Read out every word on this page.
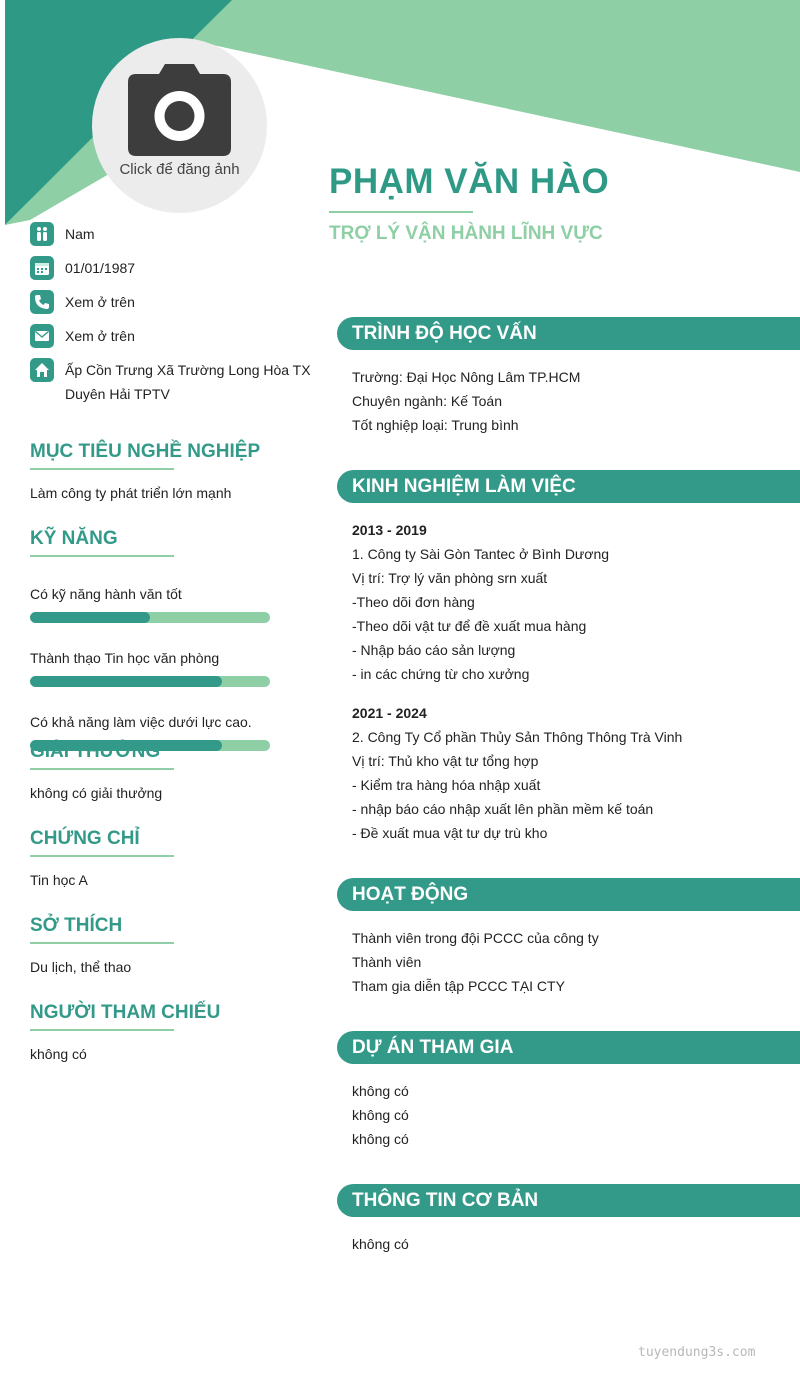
Click để đăng ảnh	PHẠM VĂN HÀO
TRỢ LÝ VẬN HÀNH LĨNH VỰC
Nam
01/01/1987
Xem ở trên
Xem ở trên
Ấp Cồn Trưng Xã Trường Long Hòa TX Duyên Hải TPTV
MỤC TIÊU NGHỀ NGHIỆP

Làm công ty phát triển lớn mạnh

KỸ NĂNG

Có kỹ năng hành văn tốt

Thành thạo Tin học văn phòng

Có khả năng làm việc dưới lực cao.

GIẢI THƯỞNG

không có giải thưởng

CHỨNG CHỈ

Tin học A

SỞ THÍCH

Du lịch, thể thao

NGƯỜI THAM CHIẾU

không có

TRÌNH ĐỘ HỌC VẤN
Trường: Đại Học Nông Lâm TP.HCM
Chuyên ngành: Kế Toán
Tốt nghiệp loại: Trung bình
KINH NGHIỆM LÀM VIỆC
2013 - 2019
1. Công ty Sài Gòn Tantec ở Bình Dương
Vị trí: Trợ lý văn phòng srn xuất
-Theo dõi đơn hàng
-Theo dõi vật tư để đề xuất mua hàng
- Nhập báo cáo sản lượng
- in các chứng từ cho xưởng
2021 - 2024
2. Công Ty Cổ phần Thủy Sản Thông Thông Trà Vinh
Vị trí: Thủ kho vật tư tổng hợp
- Kiểm tra hàng hóa nhập xuất
- nhập báo cáo nhập xuất lên phần mềm kế toán
- Đề xuất mua vật tư dự trù kho
HOẠT ĐỘNG
Thành viên trong đội PCCC của công ty
Thành viên
Tham gia diễn tập PCCC TẠI CTY
DỰ ÁN THAM GIA
không có
không có
không có
THÔNG TIN CƠ BẢN
không có
tuyendung3s.com
